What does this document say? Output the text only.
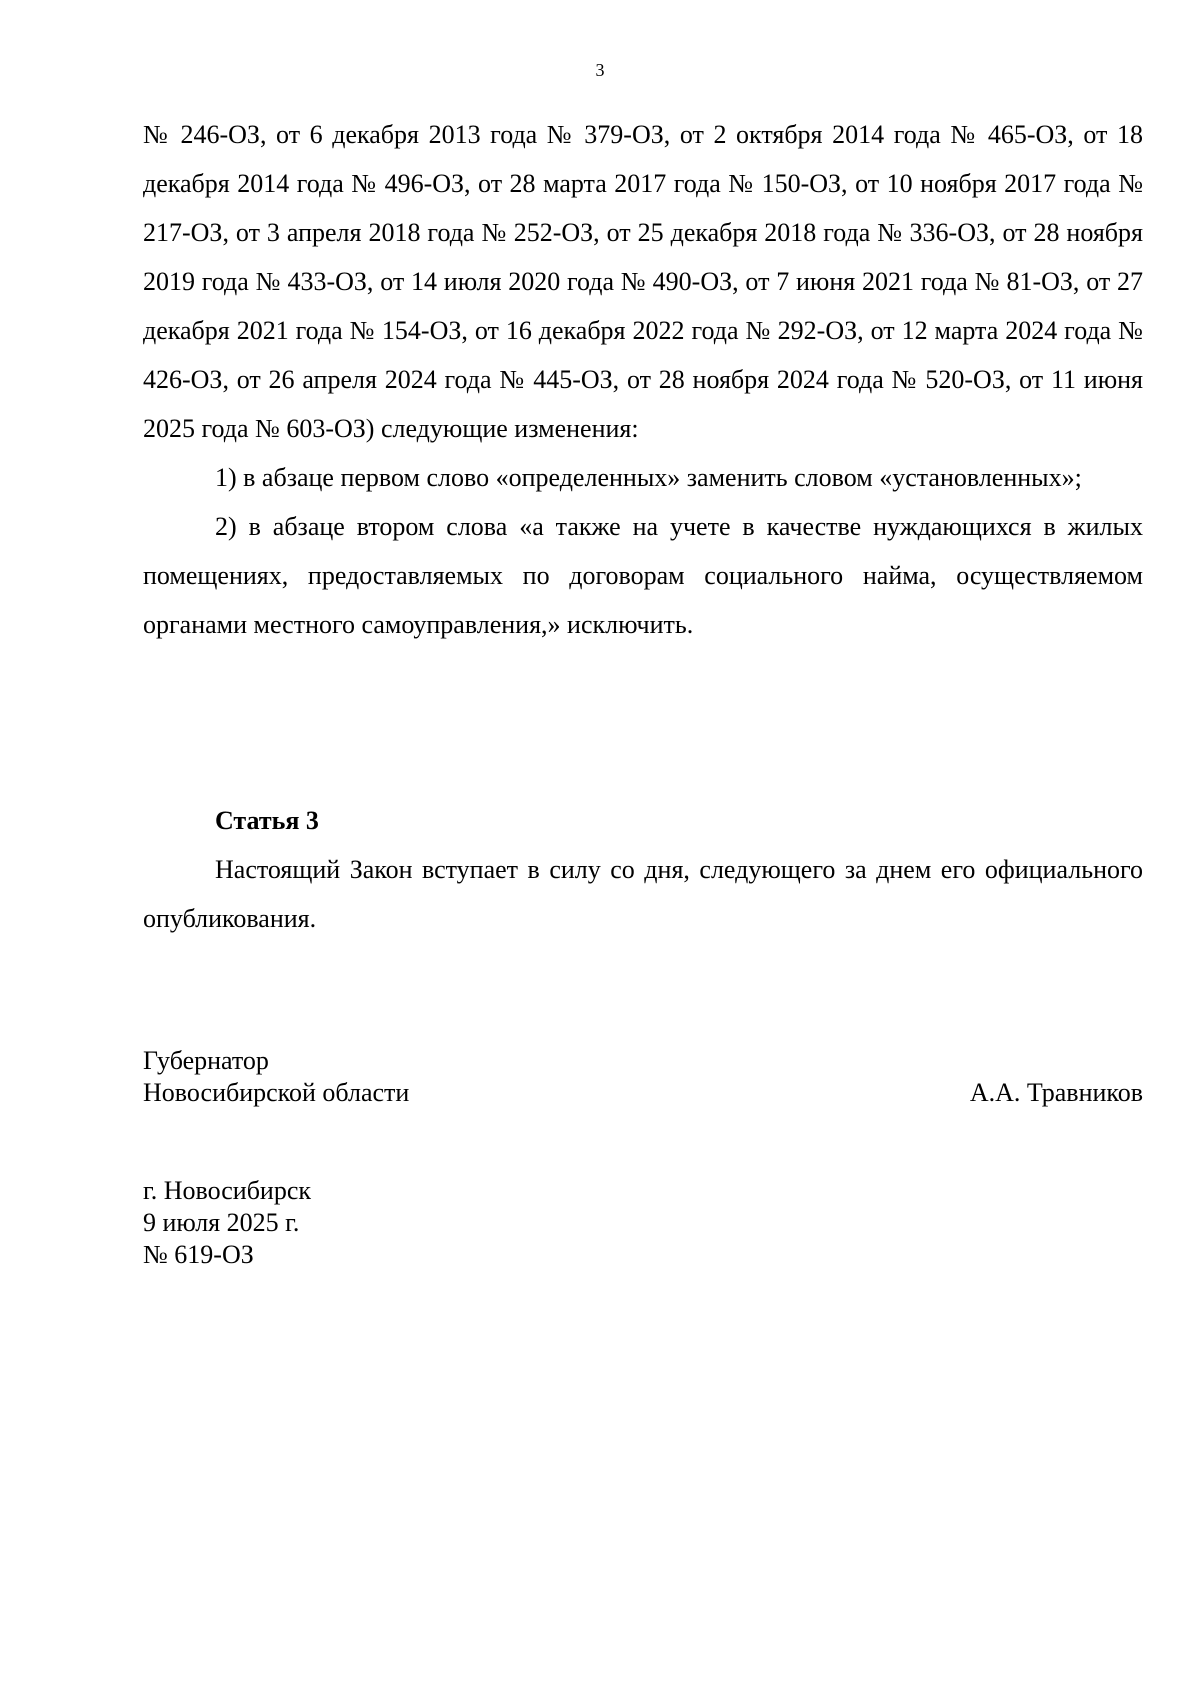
3

№ 246-ОЗ, от 6 декабря 2013 года № 379-ОЗ, от 2 октября 2014 года № 465-ОЗ, от 18 декабря 2014 года № 496-ОЗ, от 28 марта 2017 года № 150-ОЗ, от 10 ноября 2017 года № 217-ОЗ, от 3 апреля 2018 года № 252-ОЗ, от 25 декабря 2018 года № 336-ОЗ, от 28 ноября 2019 года № 433-ОЗ, от 14 июля 2020 года № 490-ОЗ, от 7 июня 2021 года № 81-ОЗ, от 27 декабря 2021 года № 154-ОЗ, от 16 декабря 2022 года № 292-ОЗ, от 12 марта 2024 года № 426-ОЗ, от 26 апреля 2024 года № 445-ОЗ, от 28 ноября 2024 года № 520-ОЗ, от 11 июня 2025 года № 603-ОЗ) следующие изменения:

1) в абзаце первом слово «определенных» заменить словом «установленных»;

2) в абзаце втором слова «а также на учете в качестве нуждающихся в жилых помещениях, предоставляемых по договорам социального найма, осуществляемом органами местного самоуправления,» исключить.

Статья 3

Настоящий Закон вступает в силу со дня, следующего за днем его официального опубликования.

Губернатор
Новосибирской области	А.А. Травников
г. Новосибирск
9 июля 2025 г.
№ 619-ОЗ
